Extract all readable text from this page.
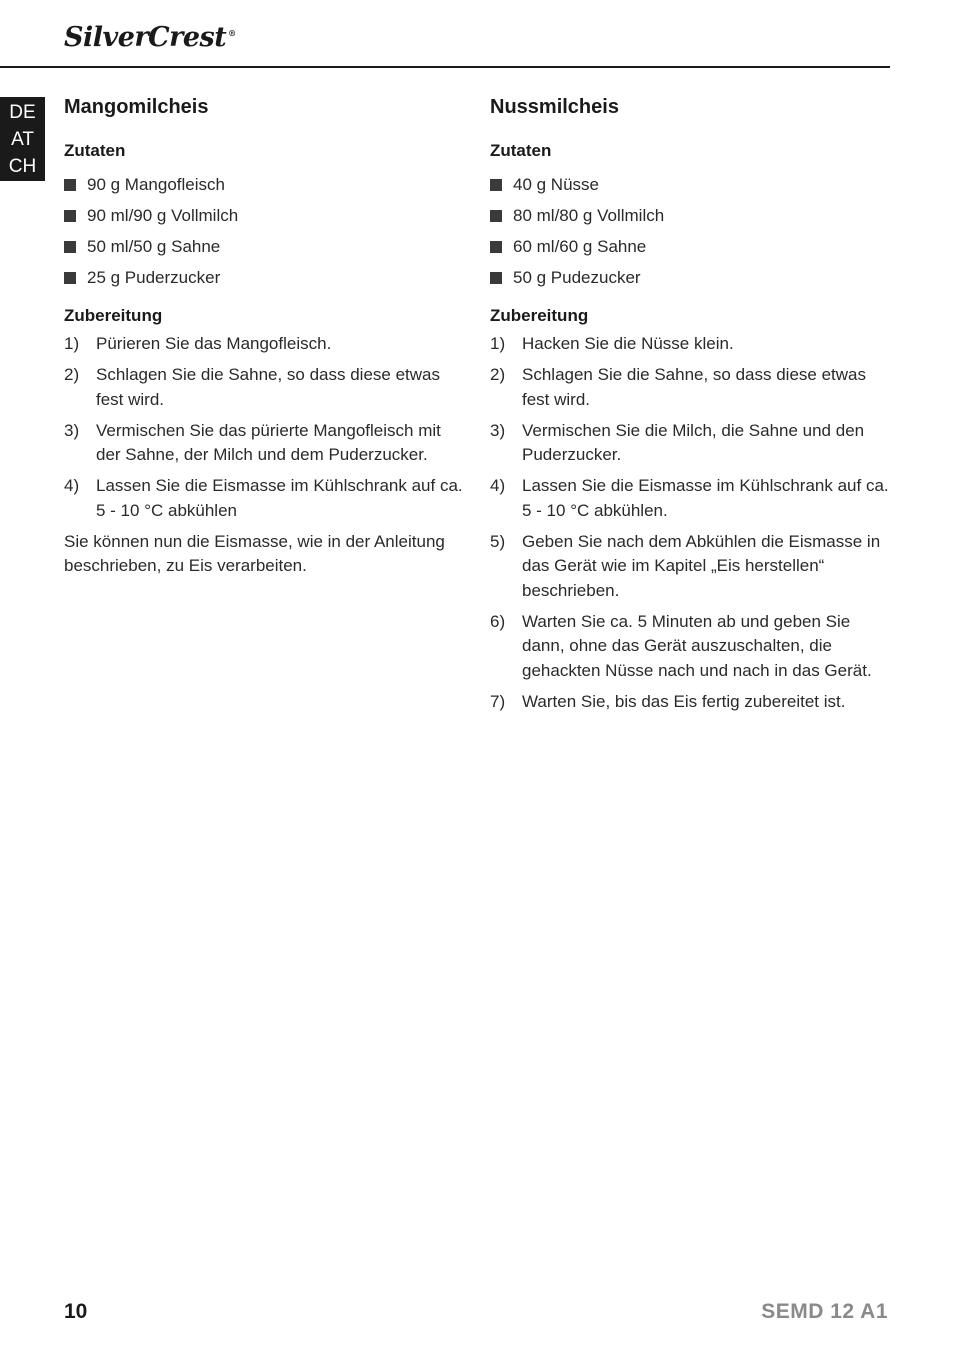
SilverCrest ®
DE
AT
CH
Mangomilcheis
Zutaten
90 g Mangofleisch
90 ml/90 g Vollmilch
50 ml/50 g Sahne
25 g Puderzucker
Zubereitung
1) Pürieren Sie das Mangofleisch.
2) Schlagen Sie die Sahne, so dass diese etwas fest wird.
3) Vermischen Sie das pürierte Mangofleisch mit der Sahne, der Milch und dem Puderzucker.
4) Lassen Sie die Eismasse im Kühlschrank auf ca. 5 - 10 °C abkühlen

Sie können nun die Eismasse, wie in der Anleitung beschrieben, zu Eis verarbeiten.

Nussmilcheis
Zutaten
40 g Nüsse
80 ml/80 g Vollmilch
60 ml/60 g Sahne
50 g Pudezucker
Zubereitung
1) Hacken Sie die Nüsse klein.
2) Schlagen Sie die Sahne, so dass diese etwas fest wird.
3) Vermischen Sie die Milch, die Sahne und den Puderzucker.
4) Lassen Sie die Eismasse im Kühlschrank auf ca. 5 - 10 °C abkühlen.
5) Geben Sie nach dem Abkühlen die Eismasse in das Gerät wie im Kapitel „Eis herstellen“ beschrieben.
6) Warten Sie ca. 5 Minuten ab und geben Sie dann, ohne das Gerät auszuschalten, die gehackten Nüsse nach und nach in das Gerät.
7) Warten Sie, bis das Eis fertig zubereitet ist.
10	SEMD 12 A1
